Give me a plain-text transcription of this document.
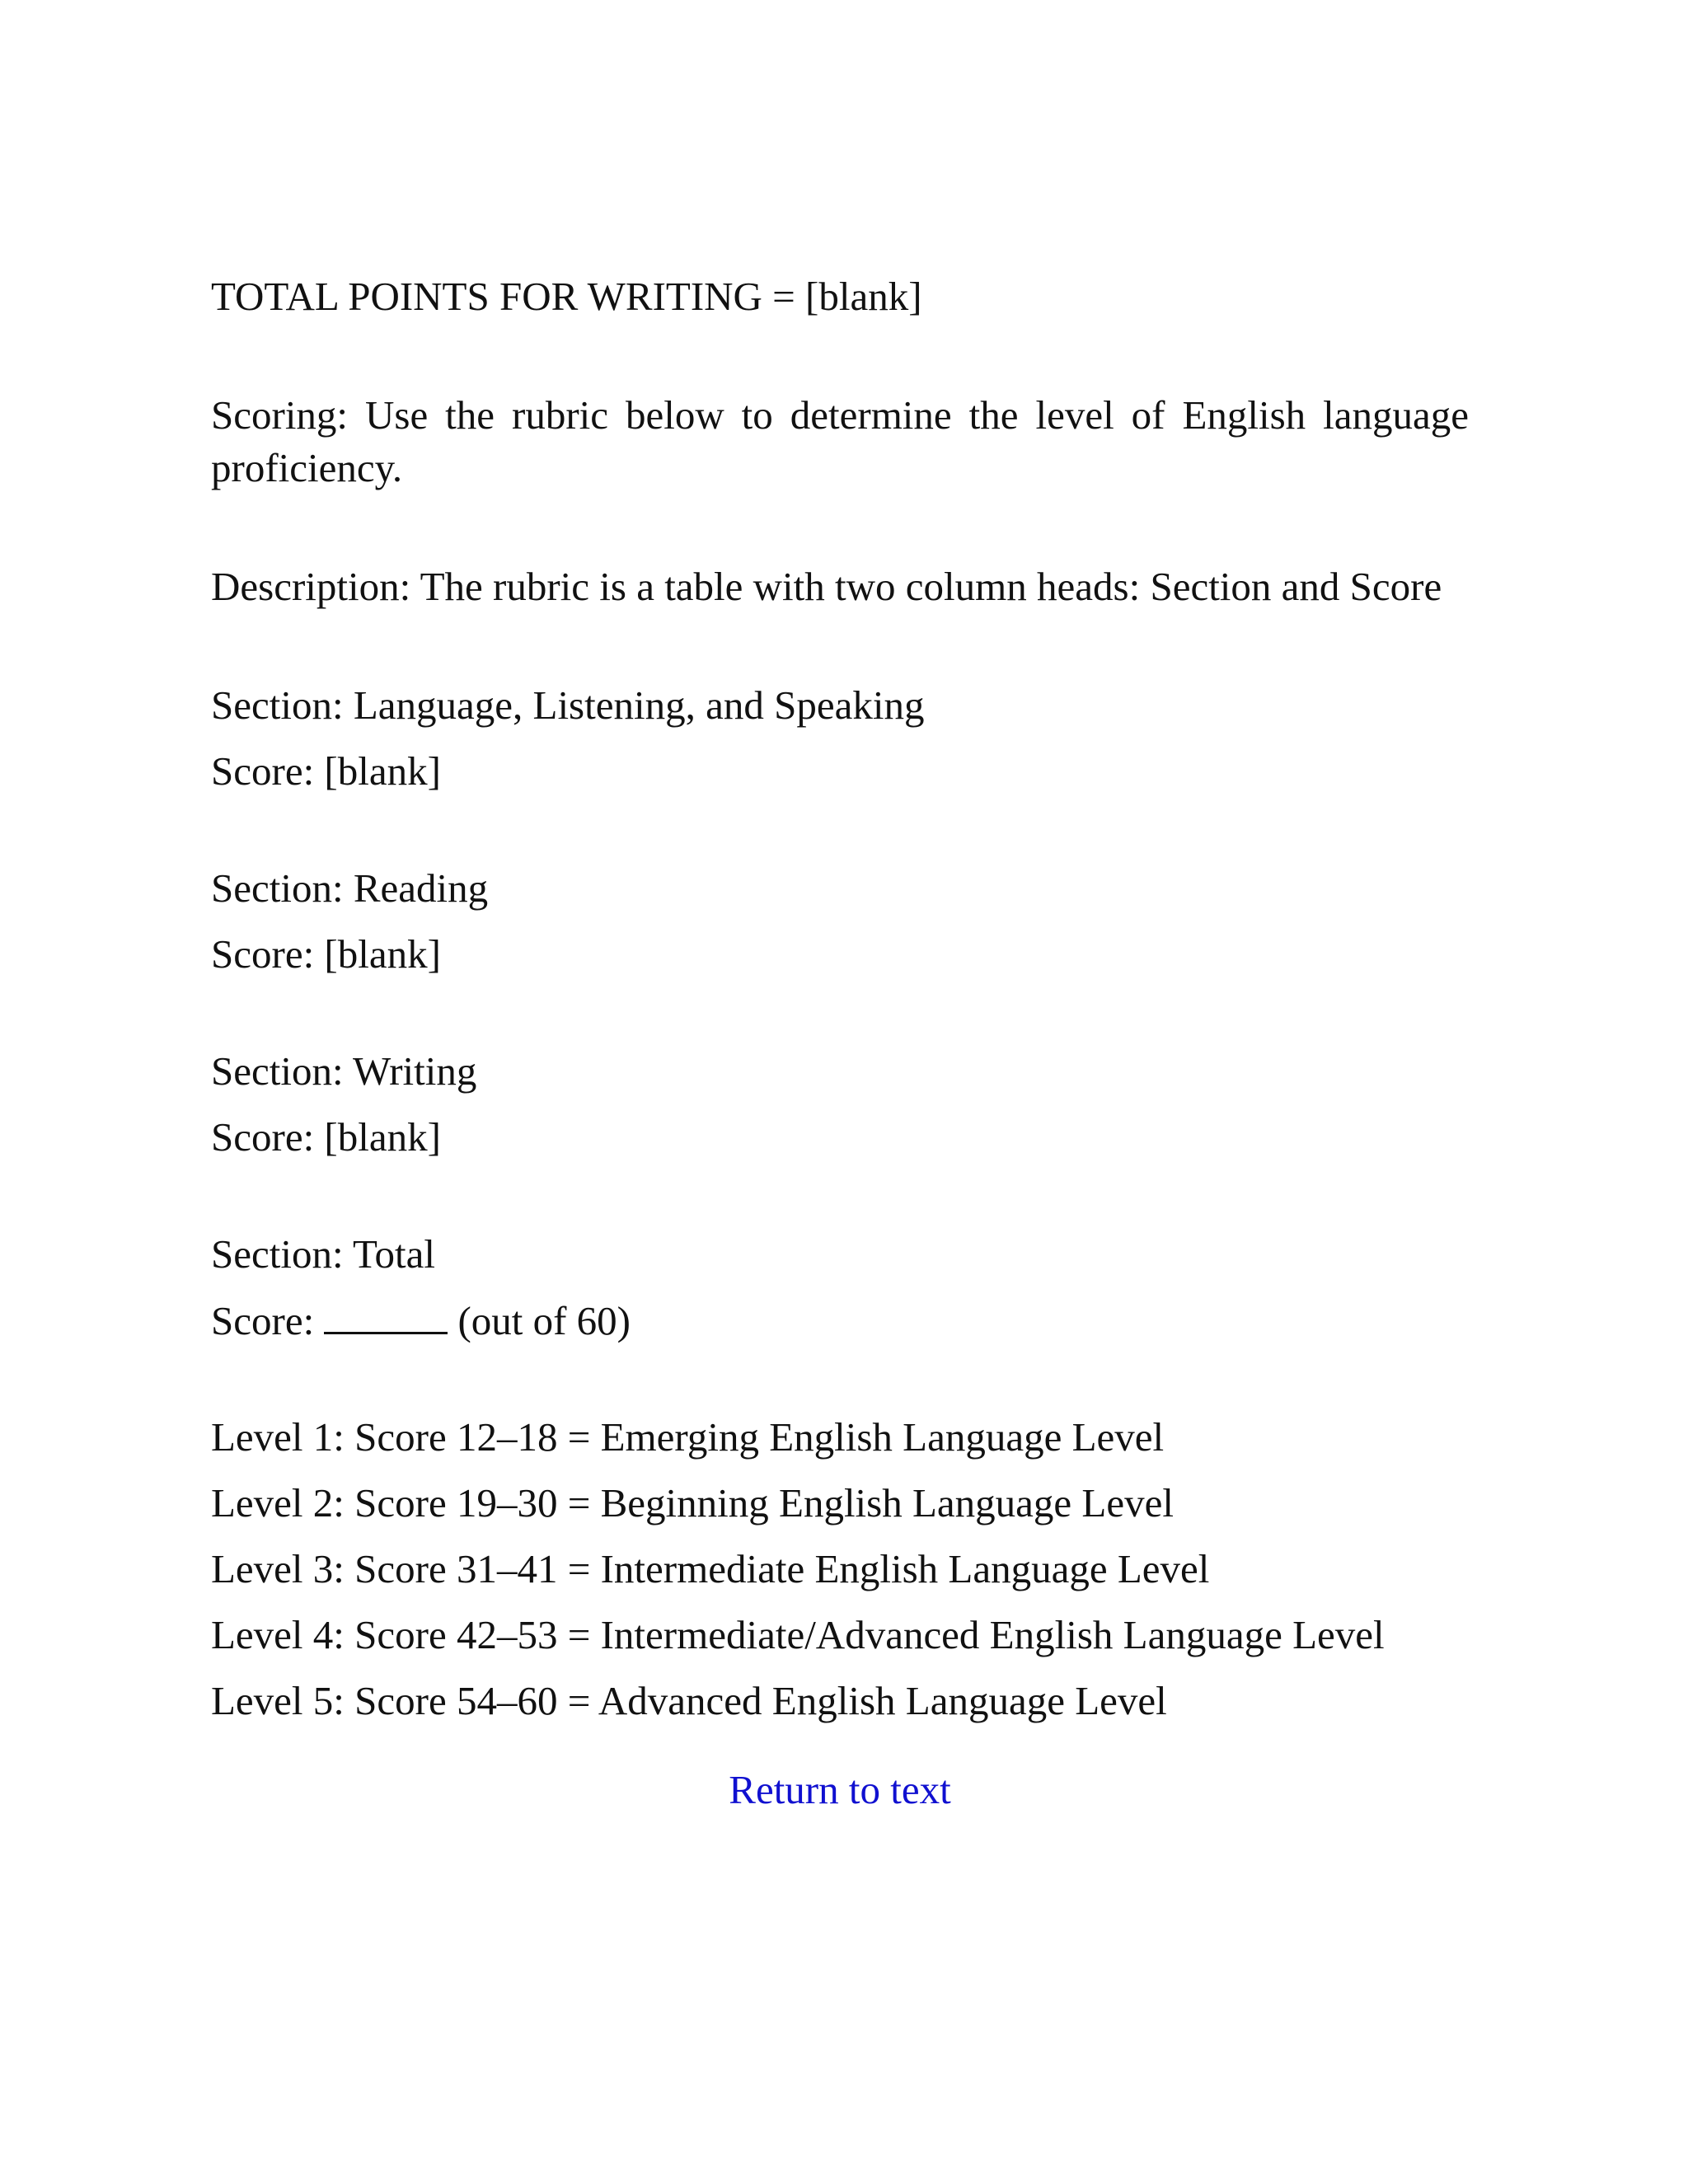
TOTAL POINTS FOR WRITING = [blank]

Scoring: Use the rubric below to determine the level of English language proficiency.

Description: The rubric is a table with two column heads: Section and Score

Section: Language, Listening, and Speaking
Score: [blank]
Section: Reading
Score: [blank]
Section: Writing
Score: [blank]
Section: Total
Score:	(out of 60)
Level 1: Score 12–18 = Emerging English Language Level
Level 2: Score 19–30 = Beginning English Language Level
Level 3: Score 31–41 = Intermediate English Language Level
Level 4: Score 42–53 = Intermediate/Advanced English Language Level
Level 5: Score 54–60 = Advanced English Language Level
Return to text
